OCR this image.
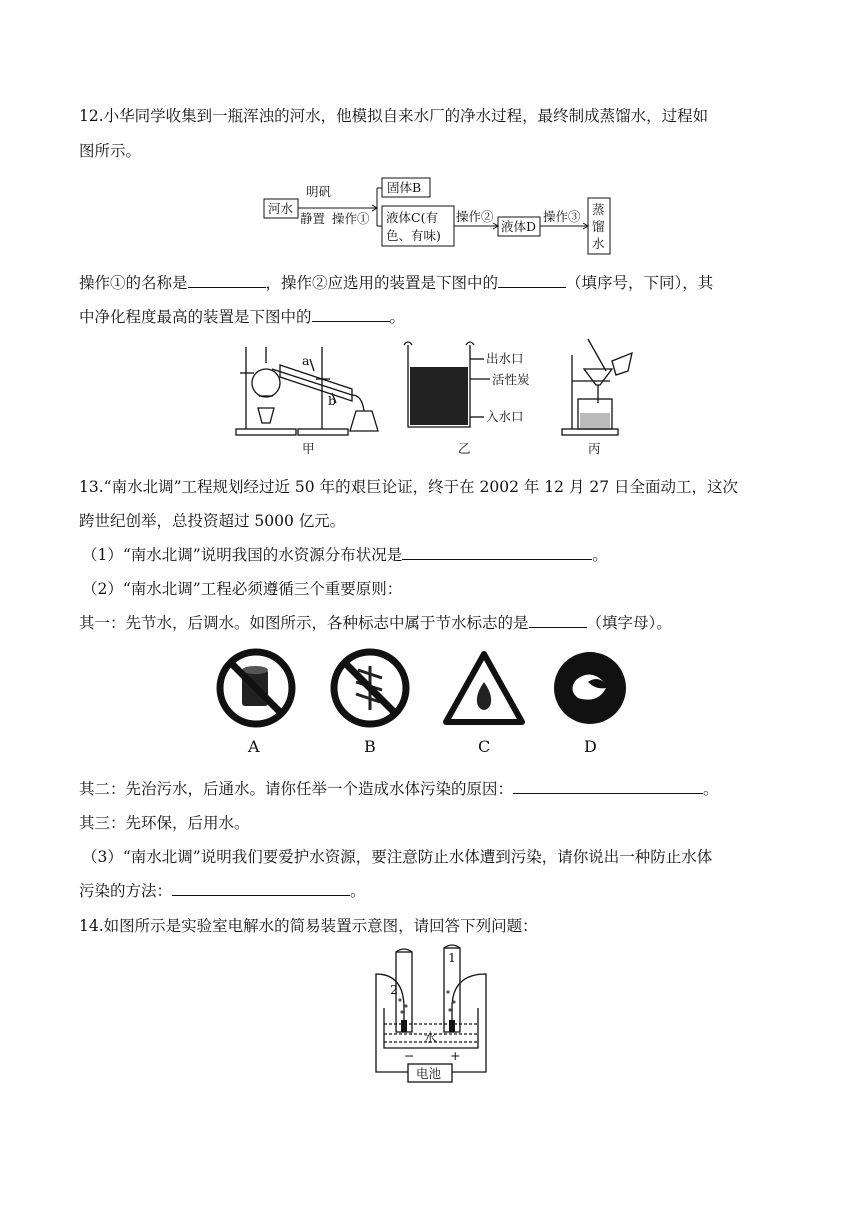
12.小华同学收集到一瓶浑浊的河水，他模拟自来水厂的净水过程，最终制成蒸馏水，过程如
图所示。
河水
明矾
静置 操作①
固体B
液体C(有
色、有味)
操作②
液体D
操作③ 蒸
馏
水
操作①的名称是	，操作②应选用的装置是下图中的	（填序号，下同），其
中净化程度最高的装置是下图中的	。
a
b
出水口
活性炭
入水口
甲	乙	丙
13.“南水北调”工程规划经过近 50 年的艰巨论证，终于在 2002 年 12 月 27 日全面动工，这次
跨世纪创举，总投资超过 5000 亿元。
（1）“南水北调”说明我国的水资源分布状况是	。
（2）“南水北调”工程必须遵循三个重要原则：
其一：先节水，后调水。如图所示，各种标志中属于节水标志的是	（填字母）。
A	B	C	D
其二：先治污水，后通水。请你任举一个造成水体污染的原因：	。
其三：先环保，后用水。
（3）“南水北调”说明我们要爱护水资源，要注意防止水体遭到污染，请你说出一种防止水体
污染的方法：	。
14.如图所示是实验室电解水的简易装置示意图，请回答下列问题：
1
2
水
−	+
电池
